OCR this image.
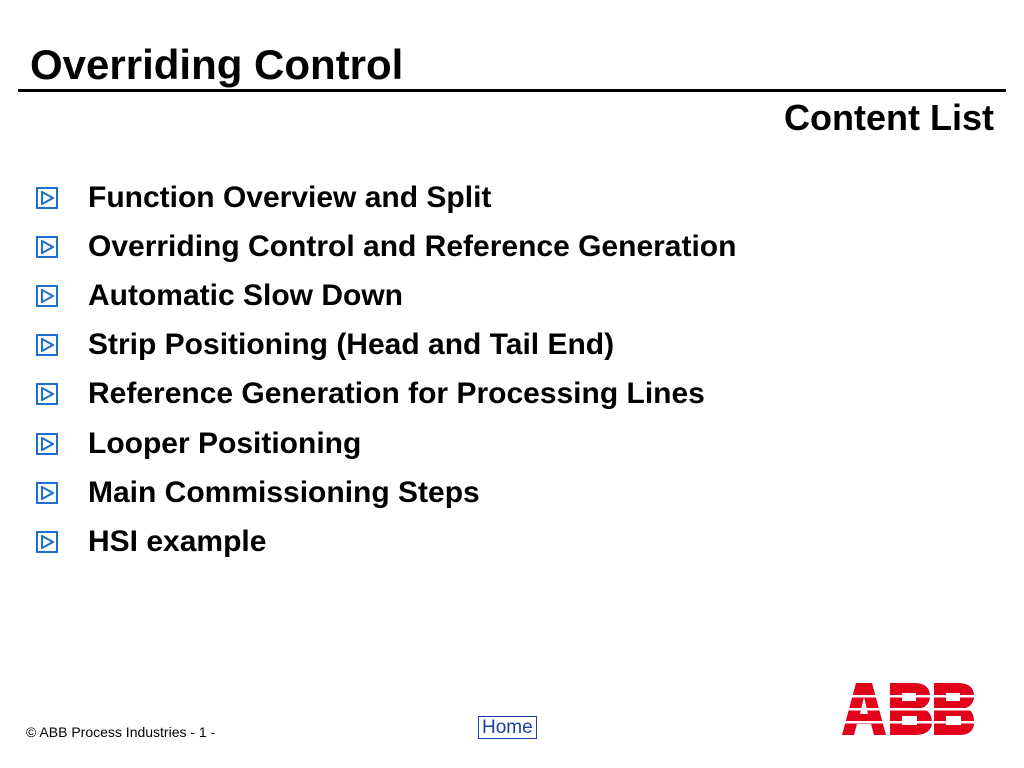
Overriding Control
Content List
Function Overview and Split
Overriding Control and Reference Generation
Automatic Slow Down
Strip Positioning (Head and Tail End)
Reference Generation for Processing Lines
Looper Positioning
Main Commissioning Steps
HSI example
© ABB Process Industries - 1 -	Home
